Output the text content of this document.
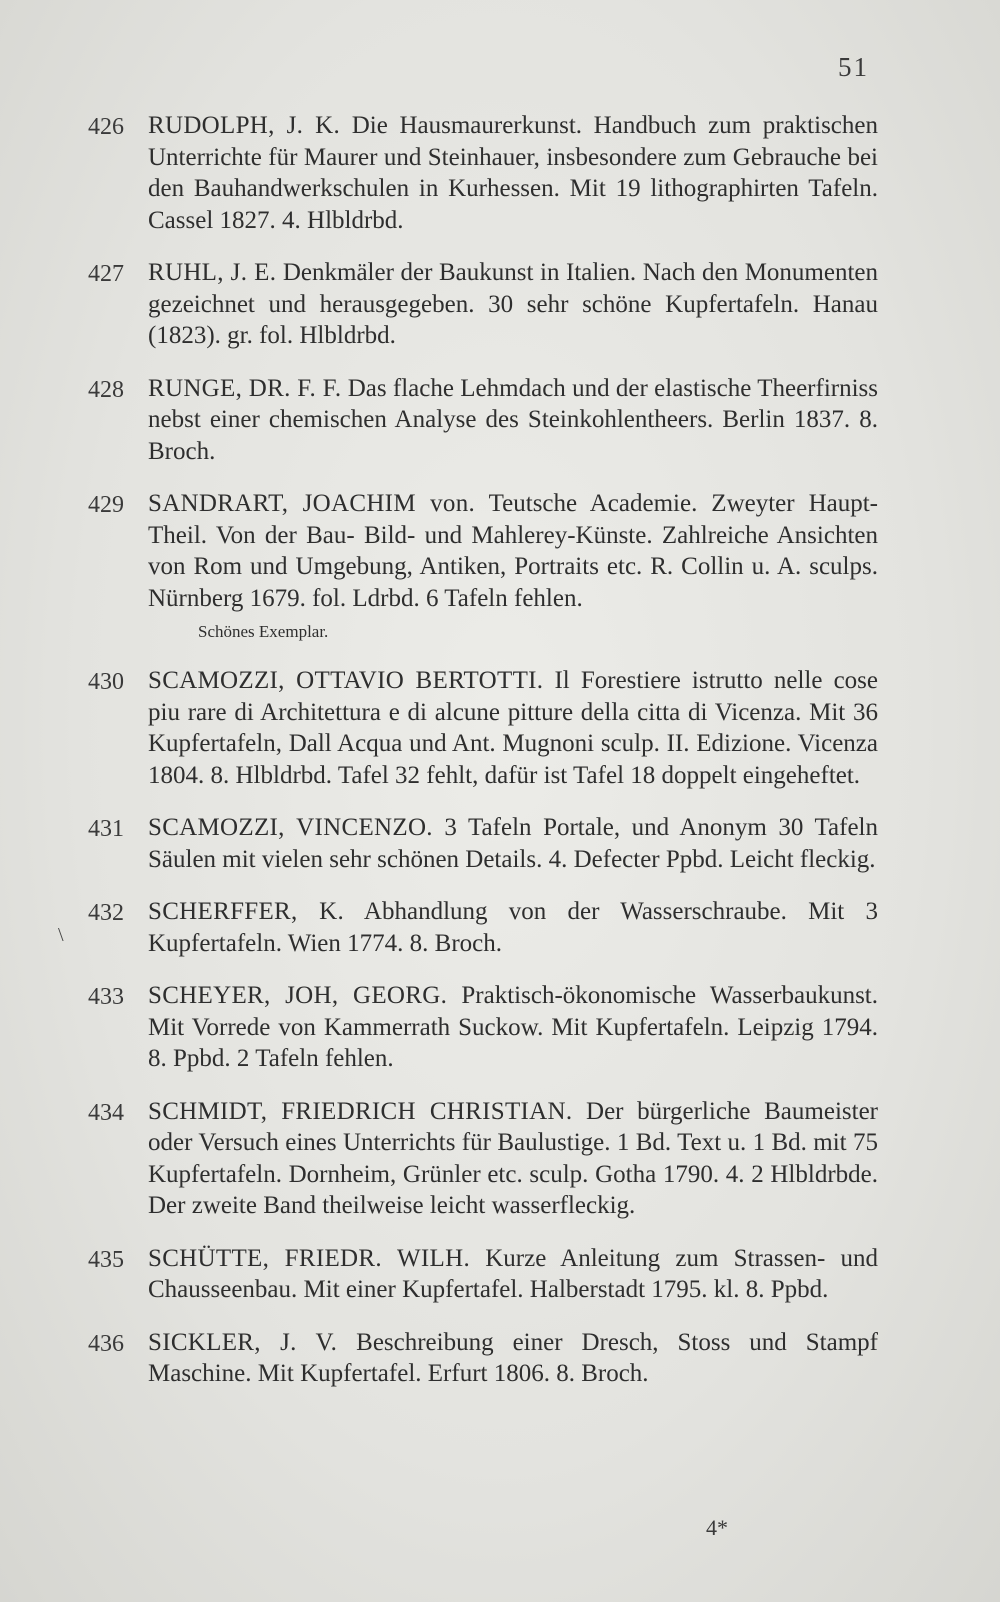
51
\
426 RUDOLPH, J. K. Die Hausmaurerkunst. Handbuch zum praktischen Unterrichte für Maurer und Steinhauer, insbesondere zum Gebrauche bei den Bauhandwerkschulen in Kurhessen. Mit 19 lithographirten Tafeln. Cassel 1827. 4. Hlbldrbd.
427 RUHL, J. E. Denkmäler der Baukunst in Italien. Nach den Monumenten gezeichnet und herausgegeben. 30 sehr schöne Kupfertafeln. Hanau (1823). gr. fol. Hlbldrbd.
428 RUNGE, DR. F. F. Das flache Lehmdach und der elastische Theerfirniss nebst einer chemischen Analyse des Steinkohlentheers. Berlin 1837. 8. Broch.
429 SANDRART, JOACHIM von. Teutsche Academie. Zweyter Haupt-Theil. Von der Bau- Bild- und Mahlerey-Künste. Zahlreiche Ansichten von Rom und Umgebung, Antiken, Portraits etc. R. Collin u. A. sculps. Nürnberg 1679. fol. Ldrbd. 6 Tafeln fehlen.
Schönes Exemplar.
430 SCAMOZZI, OTTAVIO BERTOTTI. Il Forestiere istrutto nelle cose piu rare di Architettura e di alcune pitture della citta di Vicenza. Mit 36 Kupfertafeln, Dall Acqua und Ant. Mugnoni sculp. II. Edizione. Vicenza 1804. 8. Hlbldrbd. Tafel 32 fehlt, dafür ist Tafel 18 doppelt eingeheftet.
431 SCAMOZZI, VINCENZO. 3 Tafeln Portale, und Anonym 30 Tafeln Säulen mit vielen sehr schönen Details. 4. Defecter Ppbd. Leicht fleckig.
432 SCHERFFER, K. Abhandlung von der Wasserschraube. Mit 3 Kupfertafeln. Wien 1774. 8. Broch.
433 SCHEYER, JOH, GEORG. Praktisch-ökonomische Wasserbaukunst. Mit Vorrede von Kammerrath Suckow. Mit Kupfertafeln. Leipzig 1794. 8. Ppbd. 2 Tafeln fehlen.
434 SCHMIDT, FRIEDRICH CHRISTIAN. Der bürgerliche Baumeister oder Versuch eines Unterrichts für Baulustige. 1 Bd. Text u. 1 Bd. mit 75 Kupfertafeln. Dornheim, Grünler etc. sculp. Gotha 1790. 4. 2 Hlbldrbde. Der zweite Band theilweise leicht wasserfleckig.
435 SCHÜTTE, FRIEDR. WILH. Kurze Anleitung zum Strassen- und Chausseenbau. Mit einer Kupfertafel. Halberstadt 1795. kl. 8. Ppbd.
436 SICKLER, J. V. Beschreibung einer Dresch, Stoss und Stampf Maschine. Mit Kupfertafel. Erfurt 1806. 8. Broch.
4*
